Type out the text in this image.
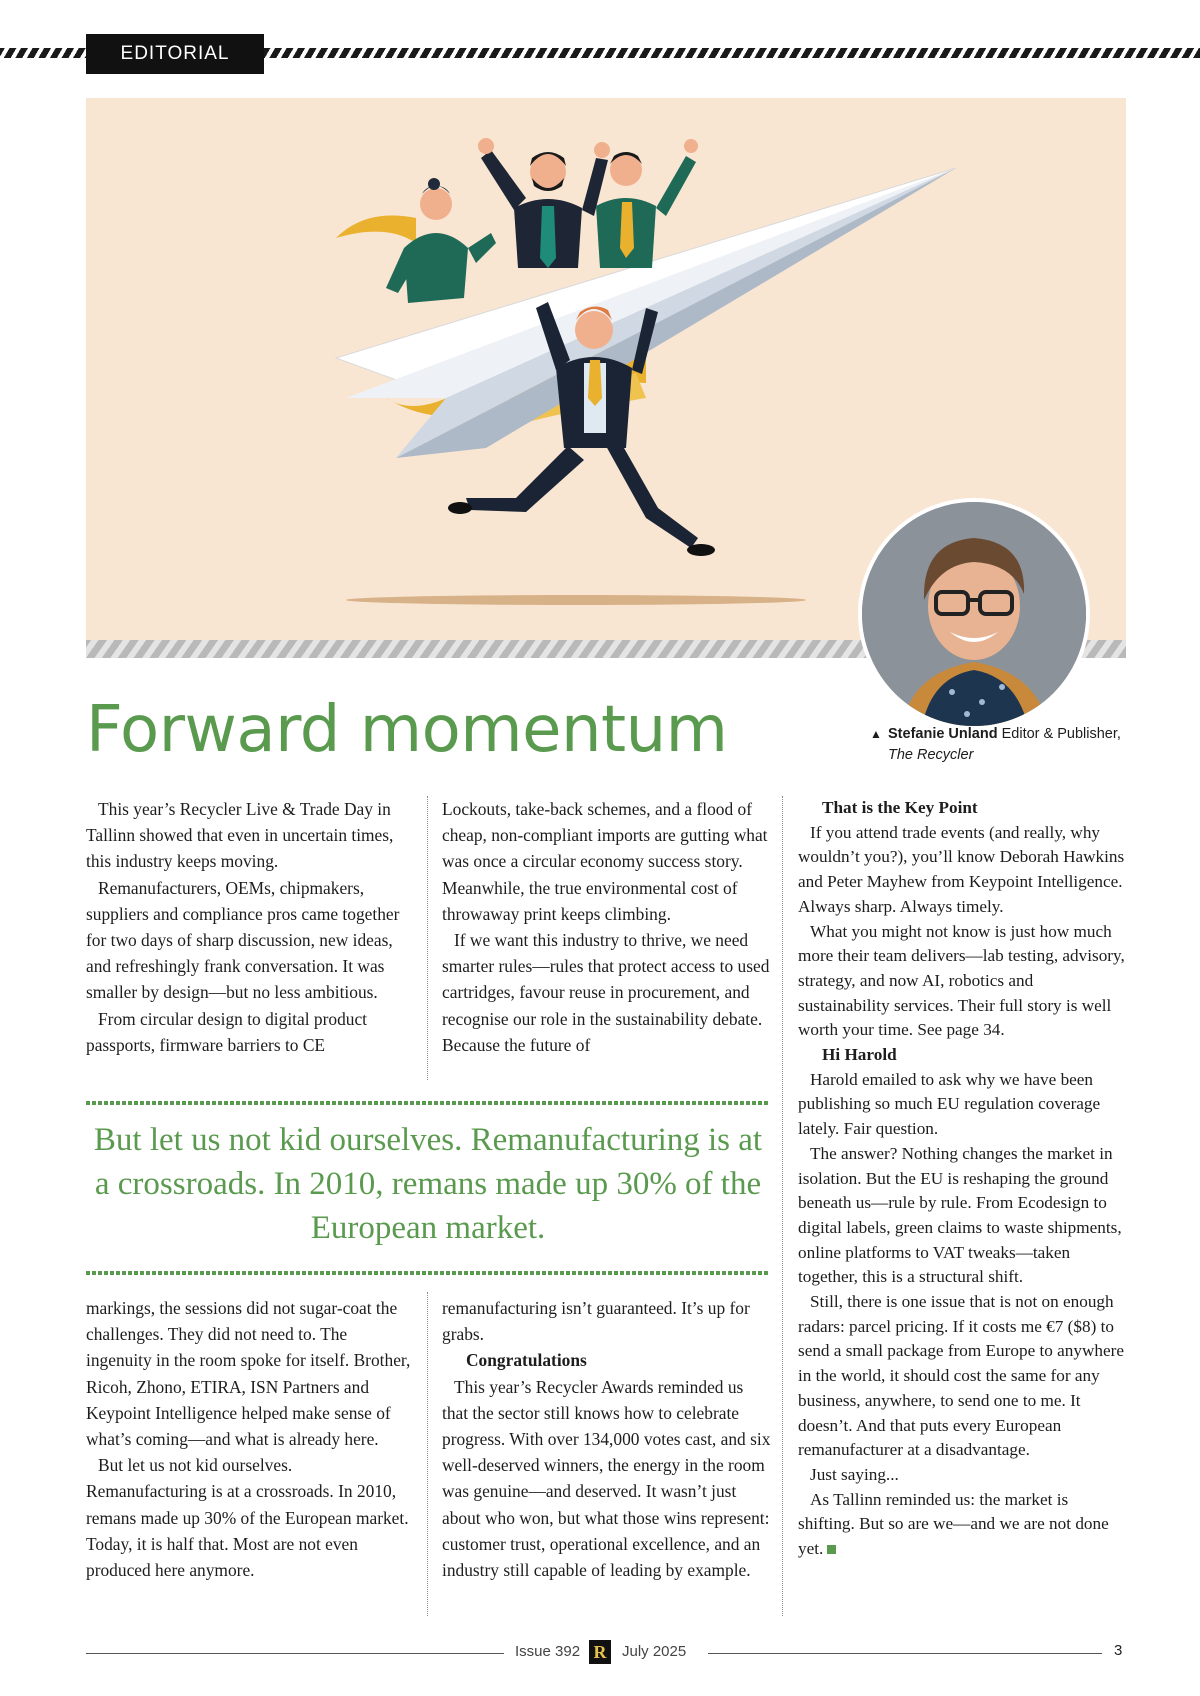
EDITORIAL
▲ Stefanie Unland Editor & Publisher, The Recycler
Forward momentum

This year’s Recycler Live & Trade Day in Tallinn showed that even in uncertain times, this industry keeps moving.

Remanufacturers, OEMs, chipmakers, suppliers and compliance pros came together for two days of sharp discussion, new ideas, and refreshingly frank conversation. It was smaller by design—but no less ambitious.

From circular design to digital product passports, firmware barriers to CE

Lockouts, take-back schemes, and a flood of cheap, non-compliant imports are gutting what was once a circular economy success story. Meanwhile, the true environmental cost of throwaway print keeps climbing.

If we want this industry to thrive, we need smarter rules—rules that protect access to used cartridges, favour reuse in procurement, and recognise our role in the sustainability debate. Because the future of

But let us not kid ourselves. Remanufacturing is at a crossroads. In 2010, remans made up 30% of the European market.

markings, the sessions did not sugar-coat the challenges. They did not need to. The ingenuity in the room spoke for itself. Brother, Ricoh, Zhono, ETIRA, ISN Partners and Keypoint Intelligence helped make sense of what’s coming—and what is already here.

But let us not kid ourselves. Remanufacturing is at a crossroads. In 2010, remans made up 30% of the European market. Today, it is half that. Most are not even produced here anymore.

remanufacturing isn’t guaranteed. It’s up for grabs.

Congratulations

This year’s Recycler Awards reminded us that the sector still knows how to celebrate progress. With over 134,000 votes cast, and six well-deserved winners, the energy in the room was genuine—and deserved. It wasn’t just about who won, but what those wins represent: customer trust, operational excellence, and an industry still capable of leading by example.

That is the Key Point

If you attend trade events (and really, why wouldn’t you?), you’ll know Deborah Hawkins and Peter Mayhew from Keypoint Intelligence. Always sharp. Always timely.

What you might not know is just how much more their team delivers—lab testing, advisory, strategy, and now AI, robotics and sustainability services. Their full story is well worth your time. See page 34.

Hi Harold

Harold emailed to ask why we have been publishing so much EU regulation coverage lately. Fair question.

The answer? Nothing changes the market in isolation. But the EU is reshaping the ground beneath us—rule by rule. From Ecodesign to digital labels, green claims to waste shipments, online platforms to VAT tweaks—taken together, this is a structural shift.

Still, there is one issue that is not on enough radars: parcel pricing. If it costs me €7 ($8) to send a small package from Europe to anywhere in the world, it should cost the same for any business, anywhere, to send one to me. It doesn’t. And that puts every European remanufacturer at a disadvantage.

Just saying...

As Tallinn reminded us: the market is shifting. But so are we—and we are not done yet.

Issue 392 R	July 2025	3
